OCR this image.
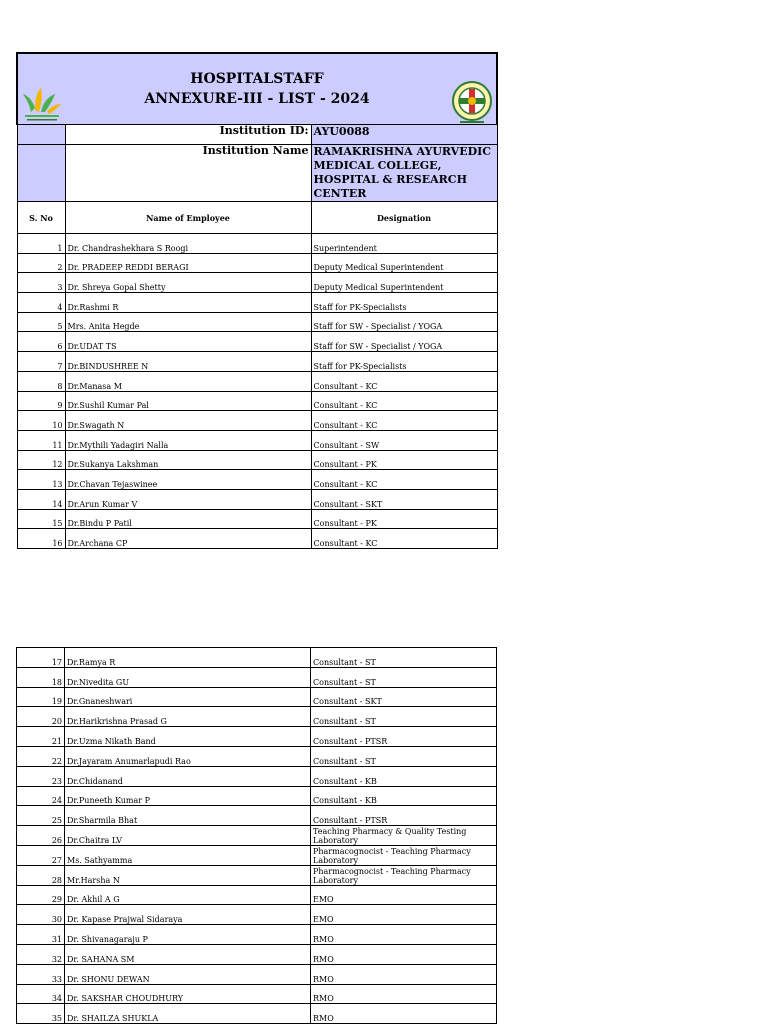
HOSPITALSTAFF
ANNEXURE-III - LIST - 2024		

	Institution ID:	AYU0088
	Institution Name	RAMAKRISHNA AYURVEDIC MEDICAL COLLEGE, HOSPITAL & RESEARCH CENTER
S. No	Name of Employee	Designation
1	Dr. Chandrashekhara S Roogi	Superintendent
2	Dr. PRADEEP REDDI BERAGI	Deputy Medical Superintendent
3	Dr. Shreya Gopal Shetty	Deputy Medical Superintendent
4	Dr.Rashmi R	Staff for PK-Specialists
5	Mrs. Anita Hegde	Staff for SW - Specialist / YOGA
6	Dr.UDAT TS	Staff for SW - Specialist / YOGA
7	Dr.BINDUSHREE N	Staff for PK-Specialists
8	Dr.Manasa M	Consultant - KC
9	Dr.Sushil Kumar Pal	Consultant - KC
10	Dr.Swagath N	Consultant - KC
11	Dr.Mythili Yadagiri Nalla	Consultant - SW
12	Dr.Sukanya Lakshman	Consultant - PK
13	Dr.Chavan Tejaswinee	Consultant - KC
14	Dr.Arun Kumar V	Consultant - SKT
15	Dr.Bindu P Patil	Consultant - PK
16	Dr.Archana CP	Consultant - KC
17	Dr.Ramya R	Consultant - ST
18	Dr.Nivedita GU	Consultant - ST
19	Dr.Gnaneshwari	Consultant - SKT
20	Dr.Harikrishna Prasad G	Consultant - ST
21	Dr.Uzma Nikath Band	Consultant - PTSR
22	Dr.Jayaram Anumarlapudi Rao	Consultant - ST
23	Dr.Chidanand	Consultant - KB
24	Dr.Puneeth Kumar P	Consultant - KB
25	Dr.Sharmila Bhat	Consultant - PTSR
26	Dr.Chaitra LV	Teaching Pharmacy & Quality Testing Laboratory
27	Ms. Sathyamma	Pharmacognocist - Teaching Pharmacy Laboratory
28	Mr.Harsha N	Pharmacognocist - Teaching Pharmacy Laboratory
29	Dr. Akhil A G	EMO
30	Dr. Kapase Prajwal Sidaraya	EMO
31	Dr. Shivanagaraju P	RMO
32	Dr. SAHANA SM	RMO
33	Dr. SHONU DEWAN	RMO
34	Dr. SAKSHAR CHOUDHURY	RMO
35	Dr. SHAILZA SHUKLA	RMO
